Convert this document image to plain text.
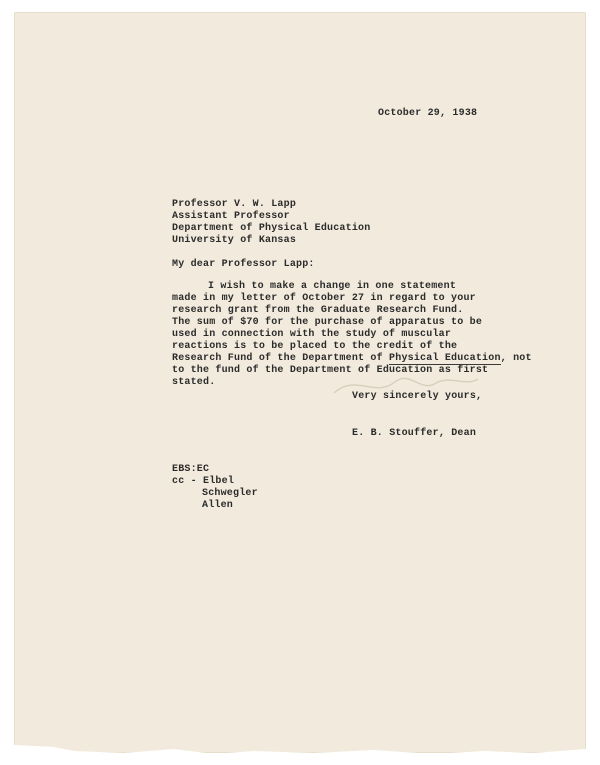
October 29, 1938
Professor V. W. Lapp
Assistant Professor
Department of Physical Education
University of Kansas
My dear Professor Lapp:
I wish to make a change in one statement
made in my letter of October 27 in regard to your
research grant from the Graduate Research Fund.
The sum of $70 for the purchase of apparatus to be
used in connection with the study of muscular
reactions is to be placed to the credit of the
Research Fund of the Department of Physical Education, not
to the fund of the Department of Education as first
stated.
Very sincerely yours,
E. B. Stouffer, Dean
EBS:EC
cc - Elbel
Schwegler
Allen
